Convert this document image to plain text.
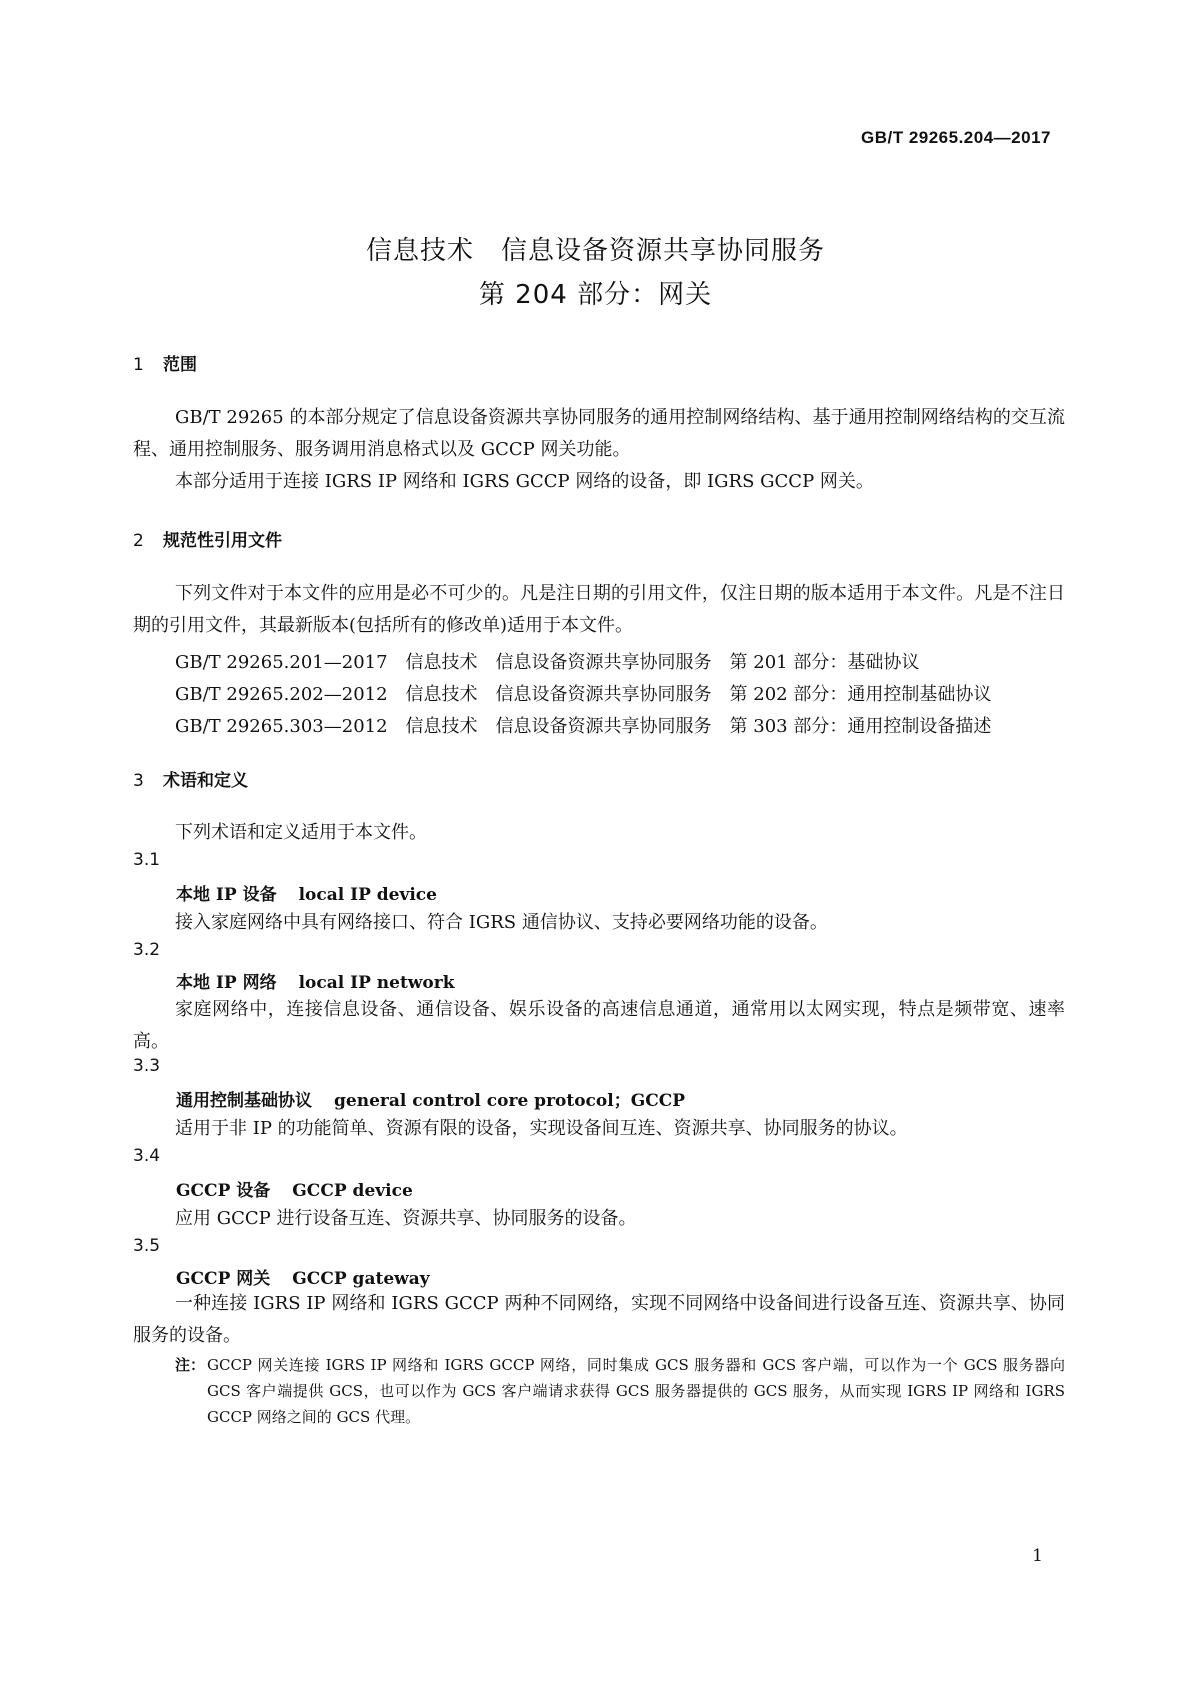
GB/T 29265.204—2017
信息技术　信息设备资源共享协同服务
第 204 部分：网关
1 范围
GB/T 29265 的本部分规定了信息设备资源共享协同服务的通用控制网络结构、基于通用控制网络结构的交互流程、通用控制服务、服务调用消息格式以及 GCCP 网关功能。
本部分适用于连接 IGRS IP 网络和 IGRS GCCP 网络的设备，即 IGRS GCCP 网关。
2 规范性引用文件
下列文件对于本文件的应用是必不可少的。凡是注日期的引用文件，仅注日期的版本适用于本文件。凡是不注日期的引用文件，其最新版本(包括所有的修改单)适用于本文件。
GB/T 29265.201—2017　信息技术　信息设备资源共享协同服务　第 201 部分：基础协议
GB/T 29265.202—2012　信息技术　信息设备资源共享协同服务　第 202 部分：通用控制基础协议
GB/T 29265.303—2012　信息技术　信息设备资源共享协同服务　第 303 部分：通用控制设备描述
3 术语和定义
下列术语和定义适用于本文件。
3.1
本地 IP 设备 local IP device
接入家庭网络中具有网络接口、符合 IGRS 通信协议、支持必要网络功能的设备。
3.2
本地 IP 网络 local IP network
家庭网络中，连接信息设备、通信设备、娱乐设备的高速信息通道，通常用以太网实现，特点是频带宽、速率高。
3.3
通用控制基础协议 general control core protocol；GCCP
适用于非 IP 的功能简单、资源有限的设备，实现设备间互连、资源共享、协同服务的协议。
3.4
GCCP 设备 GCCP device
应用 GCCP 进行设备互连、资源共享、协同服务的设备。
3.5
GCCP 网关 GCCP gateway
一种连接 IGRS IP 网络和 IGRS GCCP 两种不同网络，实现不同网络中设备间进行设备互连、资源共享、协同服务的设备。
注： GCCP 网关连接 IGRS IP 网络和 IGRS GCCP 网络，同时集成 GCS 服务器和 GCS 客户端，可以作为一个 GCS 服务器向 GCS 客户端提供 GCS，也可以作为 GCS 客户端请求获得 GCS 服务器提供的 GCS 服务，从而实现 IGRS IP 网络和 IGRS GCCP 网络之间的 GCS 代理。
1
